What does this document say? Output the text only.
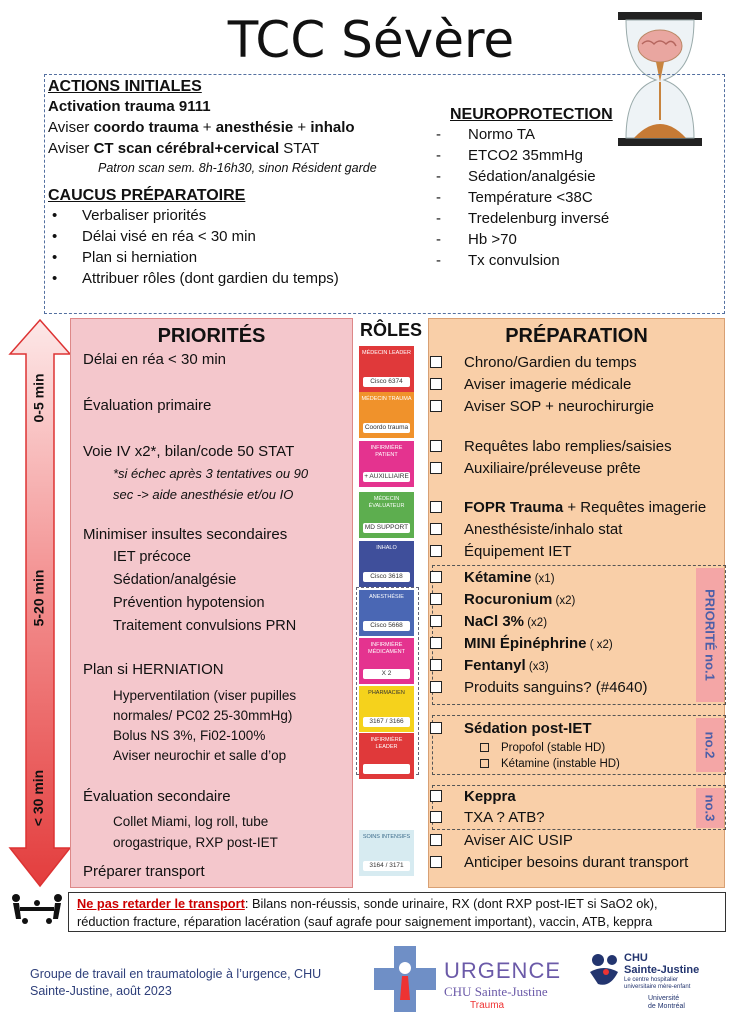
TCC Sévère
ACTIONS INITIALES
Activation trauma 9111
Aviser coordo trauma + anesthésie + inhalo
Aviser CT scan cérébral+cervical STAT
Patron scan sem. 8h-16h30, sinon Résident garde
CAUCUS PRÉPARATOIRE
• Verbaliser priorités
• Délai visé en réa < 30 min
• Plan si herniation
• Attribuer rôles (dont gardien du temps)
NEUROPROTECTION
- Normo TA
- ETCO2 35mmHg
- Sédation/analgésie
- Température <38C
- Tredelenburg inversé
- Hb >70
- Tx convulsion
0-5 min
5-20 min
< 30 min
PRIORITÉS
Délai en réa < 30 min
Évaluation primaire
Voie IV x2*, bilan/code 50 STAT
*si échec après 3 tentatives ou 90
sec -> aide anesthésie et/ou IO
Minimiser insultes secondaires
IET précoce
Sédation/analgésie
Prévention hypotension
Traitement convulsions PRN
Plan si HERNIATION
Hyperventilation (viser pupilles
normales/ PC02 25-30mmHg)
Bolus NS 3%, Fi02-100%
Aviser neurochir et salle d’op
Évaluation secondaire
Collet Miami, log roll, tube
orogastrique, RXP post-IET
Préparer transport
RÔLES
MÉDECIN LEADER
Cisco 6374
MÉDECIN TRAUMA
Coordo trauma
INFIRMIÈRE PATIENT
+ AUXILLIAIRE
MÉDECIN ÉVALUATEUR
MD SUPPORT
INHALO
Cisco 3618
ANESTHÉSIE
Cisco 5668
INFIRMIÈRE MÉDICAMENT
X 2
PHARMACIEN
3167 / 3166
INFIRMIÈRE LEADER
SOINS INTENSIFS
3164 / 3171
PRÉPARATION
PRIORITÉ no.1
no.2
no.3
Chrono/Gardien du temps
Aviser imagerie médicale
Aviser SOP + neurochirurgie
Requêtes labo remplies/saisies
Auxiliaire/préleveuse prête
FOPR Trauma + Requêtes imagerie
Anesthésiste/inhalo stat
Équipement IET
Kétamine (x1)
Rocuronium (x2)
NaCl 3% (x2)
MINI Épinéphrine ( x2)
Fentanyl (x3)
Produits sanguins? (#4640)
Sédation post-IET
Propofol (stable HD)
Kétamine (instable HD)
Keppra
TXA ? ATB?
Aviser AIC USIP
Anticiper besoins durant transport
Ne pas retarder le transport: Bilans non-réussis, sonde urinaire, RX (dont RXP post-IET si SaO2 ok),
réduction fracture, réparation lacération (sauf agrafe pour saignement important), vaccin, ATB, keppra
Groupe de travail en traumatologie à l’urgence, CHU
Sainte-Justine, août 2023
URGENCE
CHU Sainte-Justine
Trauma
CHU
Sainte-Justine
Le centre hospitalier
universitaire mère-enfant
Université
de Montréal
